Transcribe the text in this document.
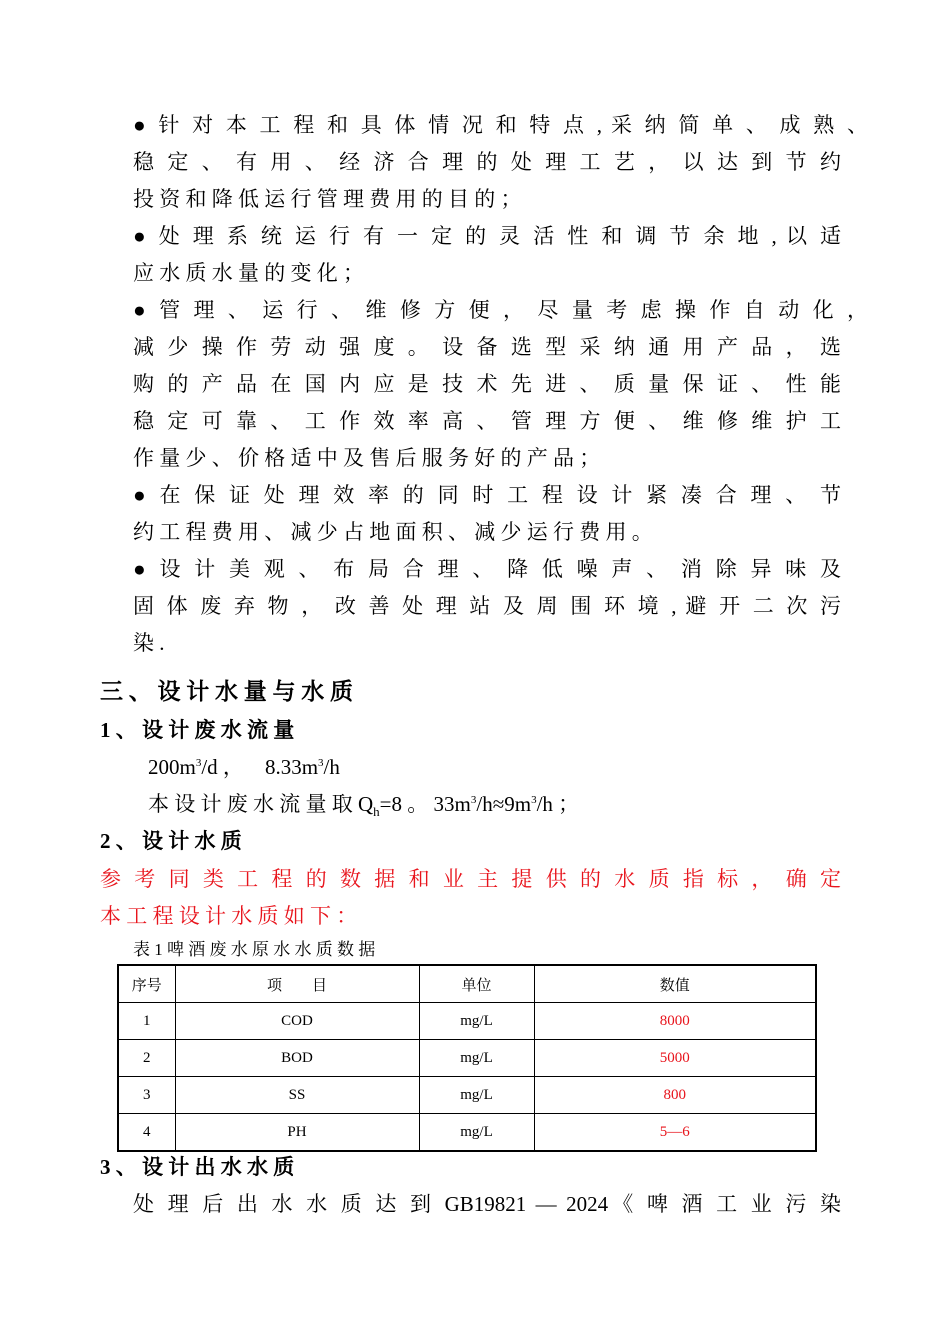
● 针 对 本 工 程 和 具 体 情 况 和 特 点 , 采 纳 简 单 、 成 熟 、
稳 定 、 有 用 、 经 济 合 理 的 处 理 工 艺 ， 以 达 到 节 约
投 资 和 降 低 运 行 管 理 费 用 的 目 的 ；
● 处 理 系 统 运 行 有 一 定 的 灵 活 性 和 调 节 余 地 , 以 适
应 水 质 水 量 的 变 化 ；
● 管 理 、 运 行 、 维 修 方 便 ， 尽 量 考 虑 操 作 自 动 化 ，
减 少 操 作 劳 动 强 度 。 设 备 选 型 采 纳 通 用 产 品 ， 选
购 的 产 品 在 国 内 应 是 技 术 先 进 、 质 量 保 证 、 性 能
稳 定 可 靠 、 工 作 效 率 高 、 管 理 方 便 、 维 修 维 护 工
作 量 少 、 价 格 适 中 及 售 后 服 务 好 的 产 品 ；
● 在 保 证 处 理 效 率 的 同 时 工 程 设 计 紧 凑 合 理 、 节
约 工 程 费 用 、 减 少 占 地 面 积 、 减 少 运 行 费 用 。
● 设 计 美 观 、 布 局 合 理 、 降 低 噪 声 、 消 除 异 味 及
固 体 废 弃 物 ， 改 善 处 理 站 及 周 围 环 境 , 避 开 二 次 污
染 .
三 、 设 计 水 量 与 水 质
1 、 设 计 废 水 流 量
$200m^3/d$ ， $8.33m^3/h$
本 设 计 废 水 流 量 取 $Q_h=8$ 。 $33m^3/h\approx 9m^3/h$ ；
2 、 设 计 水 质
参 考 同 类 工 程 的 数 据 和 业 主 提 供 的 水 质 指 标 ， 确 定
本 工 程 设 计 水 质 如 下 ：
表 1 啤 酒 废 水 原 水 水 质 数 据
序号	项　　目	单位	数值
1	COD	mg/L	8000
2	BOD	mg/L	5000
3	SS	mg/L	800
4	PH	mg/L	5—6
3 、 设 计 出 水 水 质
处 理 后 出 水 水 质 达 到 GB19821 — 2024《 啤 酒 工 业 污 染
